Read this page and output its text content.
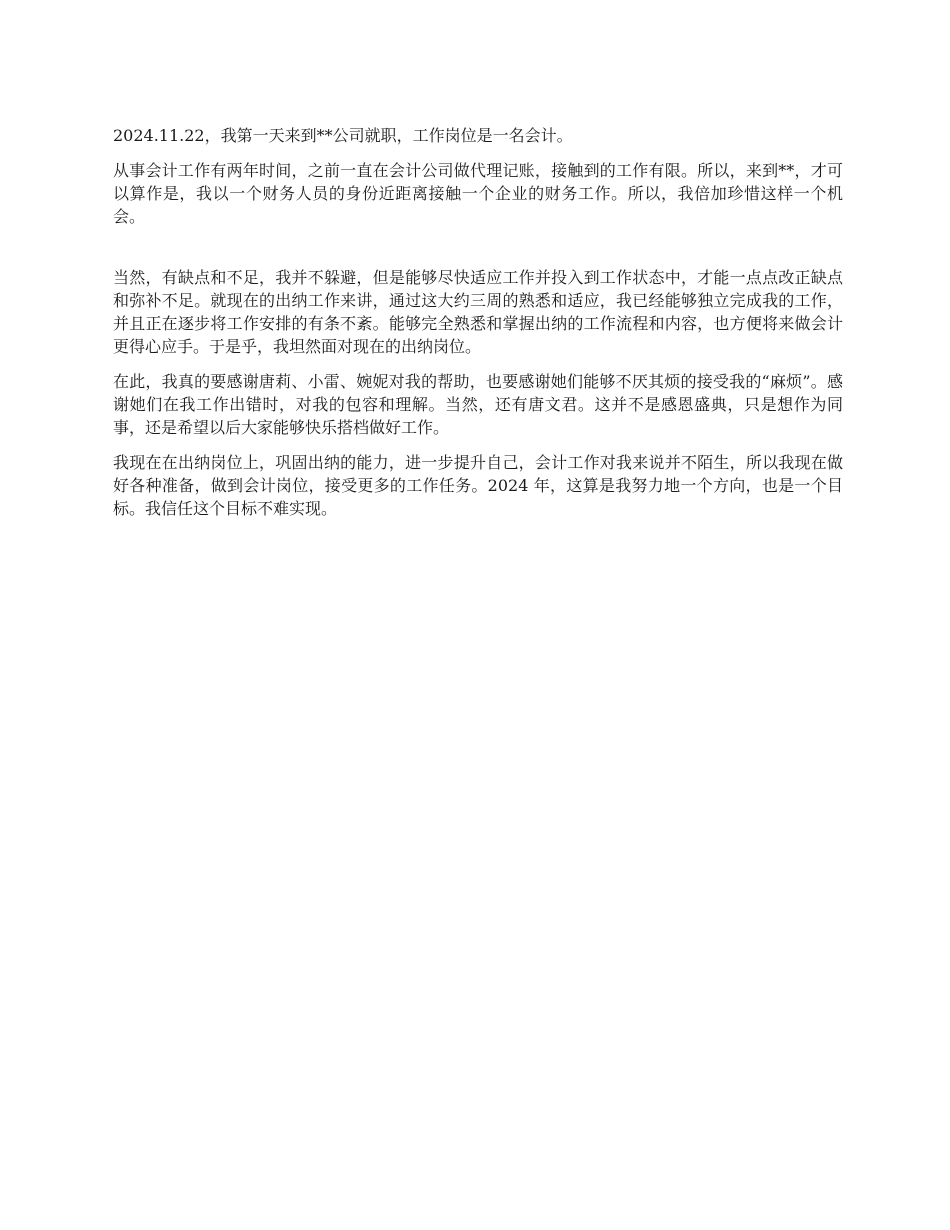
2024.11.22，我第一天来到**公司就职，工作岗位是一名会计。

从事会计工作有两年时间，之前一直在会计公司做代理记账，接触到的工作有限。所以，来到**，才可以算作是，我以一个财务人员的身份近距离接触一个企业的财务工作。所以，我倍加珍惜这样一个机会。

当然，有缺点和不足，我并不躲避，但是能够尽快适应工作并投入到工作状态中，才能一点点改正缺点和弥补不足。就现在的出纳工作来讲，通过这大约三周的熟悉和适应，我已经能够独立完成我的工作，并且正在逐步将工作安排的有条不紊。能够完全熟悉和掌握出纳的工作流程和内容，也方便将来做会计更得心应手。于是乎，我坦然面对现在的出纳岗位。

在此，我真的要感谢唐莉、小雷、婉妮对我的帮助，也要感谢她们能够不厌其烦的接受我的“麻烦”。感谢她们在我工作出错时，对我的包容和理解。当然，还有唐文君。这并不是感恩盛典，只是想作为同事，还是希望以后大家能够快乐搭档做好工作。

我现在在出纳岗位上，巩固出纳的能力，进一步提升自己，会计工作对我来说并不陌生，所以我现在做好各种准备，做到会计岗位，接受更多的工作任务。2024 年，这算是我努力地一个方向，也是一个目标。我信任这个目标不难实现。
